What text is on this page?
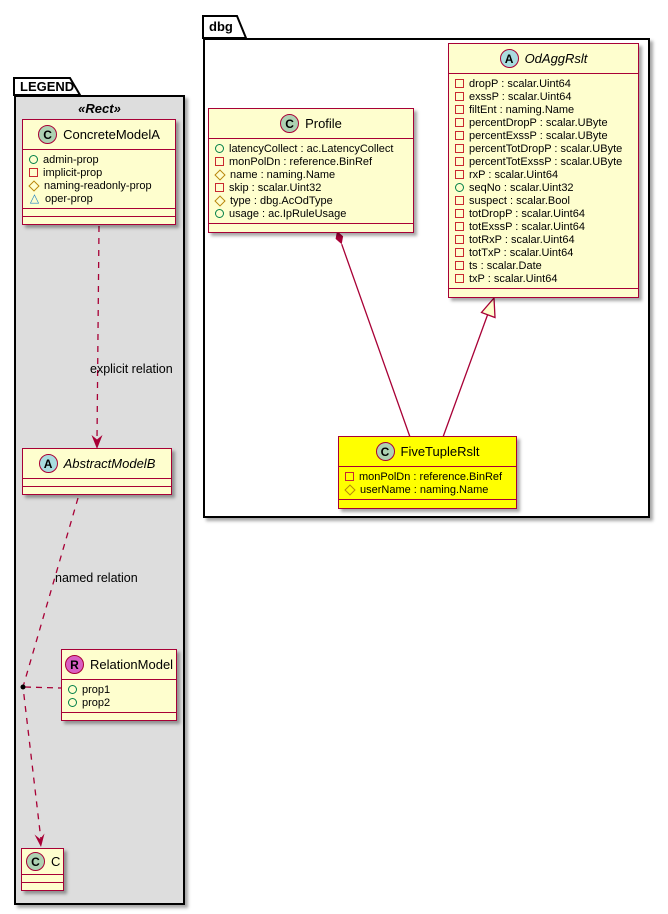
LEGEND
dbg
«Rect»
C ConcreteModelA
admin-prop
implicit-prop
naming-readonly-prop
△
oper-prop
A AbstractModelB
R RelationModel
prop1
prop2
C C
C Profile
latencyCollect : ac.LatencyCollect
monPolDn : reference.BinRef
name : naming.Name
skip : scalar.Uint32
type : dbg.AcOdType
usage : ac.IpRuleUsage
A OdAggRslt
dropP : scalar.Uint64
exssP : scalar.Uint64
filtEnt : naming.Name
percentDropP : scalar.UByte
percentExssP : scalar.UByte
percentTotDropP : scalar.UByte
percentTotExssP : scalar.UByte
rxP : scalar.Uint64
seqNo : scalar.Uint32
suspect : scalar.Bool
totDropP : scalar.Uint64
totExssP : scalar.Uint64
totRxP : scalar.Uint64
totTxP : scalar.Uint64
ts : scalar.Date
txP : scalar.Uint64
C FiveTupleRslt
monPolDn : reference.BinRef
userName : naming.Name
explicit relation
named relation
